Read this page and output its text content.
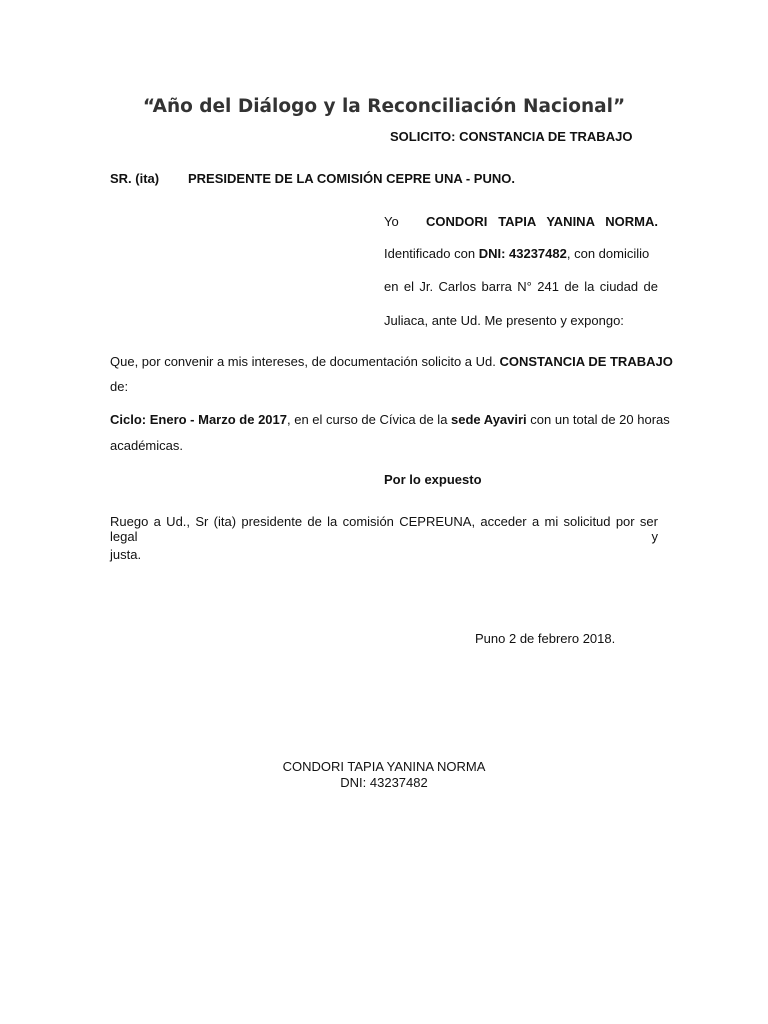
“Año del Diálogo y la Reconciliación Nacional”

SOLICITO: CONSTANCIA DE TRABAJO

SR. (ita) PRESIDENTE DE LA COMISIÓN CEPRE UNA - PUNO.

Yo CONDORI TAPIA YANINA NORMA.

Identificado con DNI: 43237482, con domicilio

en el Jr. Carlos barra N° 241 de la ciudad de

Juliaca, ante Ud. Me presento y expongo:

Que, por convenir a mis intereses, de documentación solicito a Ud. CONSTANCIA DE TRABAJO

de:

Ciclo: Enero - Marzo de 2017, en el curso de Cívica de la sede Ayaviri con un total de 20 horas

académicas.

Por lo expuesto

Ruego a Ud., Sr (ita) presidente de la comisión CEPREUNA, acceder a mi solicitud por ser legal y

justa.

Puno 2 de febrero 2018.

CONDORI TAPIA YANINA NORMA

DNI: 43237482
